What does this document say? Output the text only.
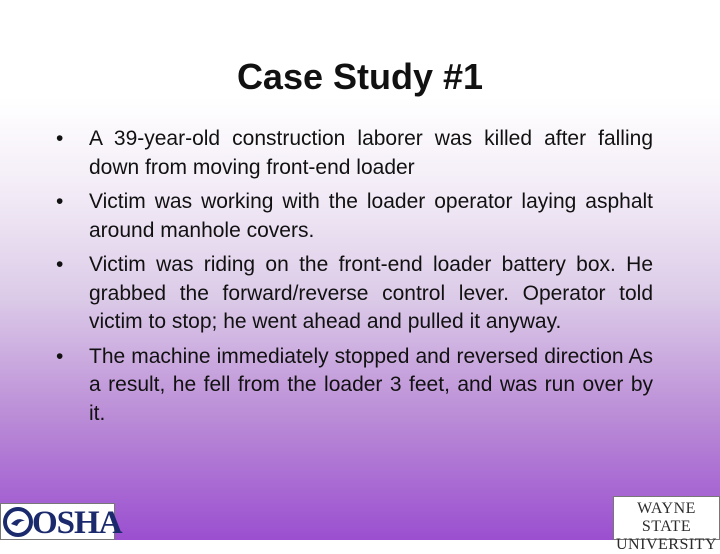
Case Study #1
• A 39-year-old construction laborer was killed after falling down from moving front-end loader
• Victim was working with the loader operator laying asphalt around manhole covers.
• Victim was riding on the front-end loader battery box. He grabbed the forward/reverse control lever. Operator told victim to stop; he went ahead and pulled it anyway.
• The machine immediately stopped and reversed direction As a result, he fell from the loader 3 feet, and was run over by it.
OSHA	WAYNE STATE
UNIVERSITY
